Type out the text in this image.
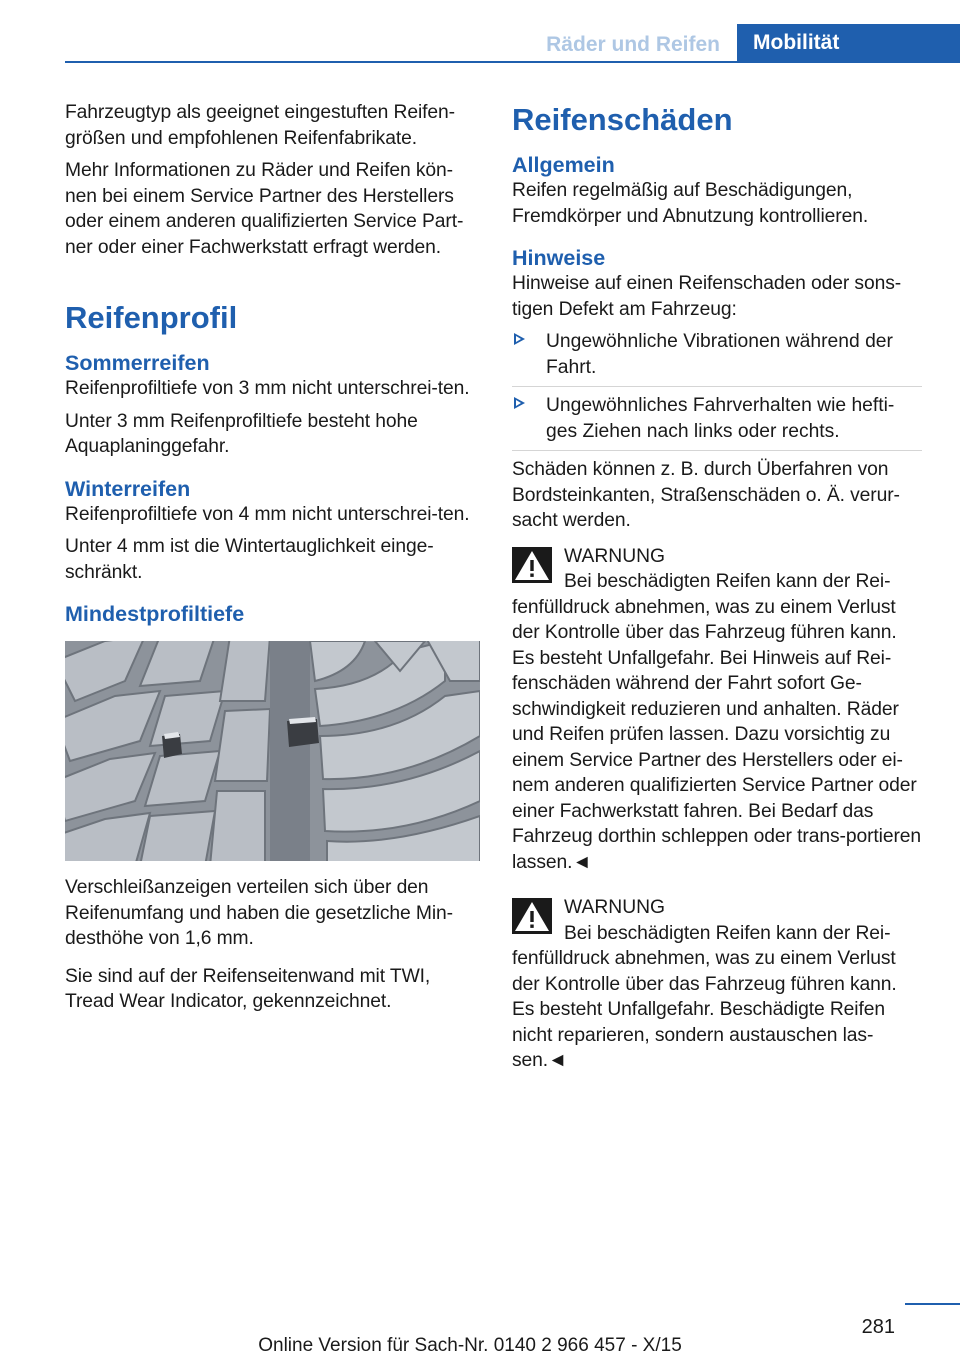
Räder und Reifen	Mobilität

Fahrzeugtyp als geeignet eingestuften Reifen‐größen und empfohlenen Reifenfabrikate.

Mehr Informationen zu Räder und Reifen kön‐nen bei einem Service Partner des Herstellers oder einem anderen qualifizierten Service Part‐ner oder einer Fachwerkstatt erfragt werden.

Reifenprofil
Sommerreifen

Reifenprofiltiefe von 3 mm nicht unterschrei‐ten.

Unter 3 mm Reifenprofiltiefe besteht hohe Aquaplaninggefahr.

Winterreifen

Reifenprofiltiefe von 4 mm nicht unterschrei‐ten.

Unter 4 mm ist die Wintertauglichkeit einge‐schränkt.

Mindestprofiltiefe

Verschleißanzeigen verteilen sich über den Reifenumfang und haben die gesetzliche Min‐desthöhe von 1,6 mm.

Sie sind auf der Reifenseitenwand mit TWI, Tread Wear Indicator, gekennzeichnet.

Reifenschäden
Allgemein

Reifen regelmäßig auf Beschädigungen, Fremdkörper und Abnutzung kontrollieren.

Hinweise

Hinweise auf einen Reifenschaden oder sons‐tigen Defekt am Fahrzeug:

Ungewöhnliche Vibrationen während der Fahrt.
Ungewöhnliches Fahrverhalten wie hefti‐ges Ziehen nach links oder rechts.

Schäden können z. B. durch Überfahren von Bordsteinkanten, Straßenschäden o. Ä. verur‐sacht werden.

WARNUNG

Bei beschädigten Reifen kann der Rei‐fenfülldruck abnehmen, was zu einem Verlust der Kontrolle über das Fahrzeug führen kann. Es besteht Unfallgefahr. Bei Hinweis auf Rei‐fenschäden während der Fahrt sofort Ge‐schwindigkeit reduzieren und anhalten. Räder und Reifen prüfen lassen. Dazu vorsichtig zu einem Service Partner des Herstellers oder ei‐nem anderen qualifizierten Service Partner oder einer Fachwerkstatt fahren. Bei Bedarf das Fahrzeug dorthin schleppen oder trans‐portieren lassen.◄

WARNUNG

Bei beschädigten Reifen kann der Rei‐fenfülldruck abnehmen, was zu einem Verlust der Kontrolle über das Fahrzeug führen kann. Es besteht Unfallgefahr. Beschädigte Reifen nicht reparieren, sondern austauschen las‐sen.◄

281
Online Version für Sach-Nr. 0140 2 966 457 - X/15
